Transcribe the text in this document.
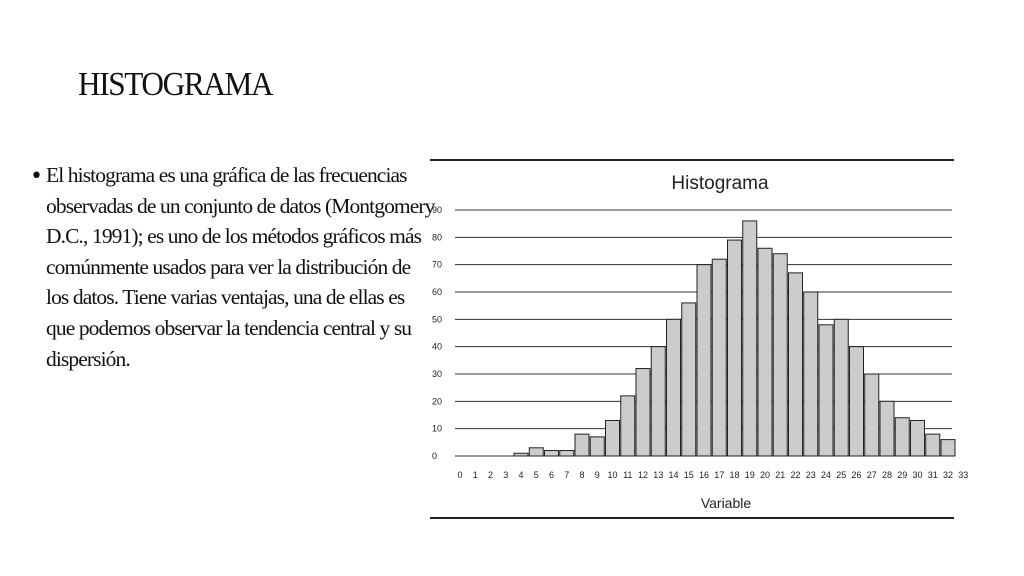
HISTOGRAMA
• El histograma es una gráfica de las frecuencias observadas de un conjunto de datos (Montgomery D.C., 1991); es uno de los métodos gráficos más comúnmente usados para ver la distribución de los datos. Tiene varias ventajas, una de ellas es que podemos observar la tendencia central y su dispersión.
Histograma
0
10
20
30
40
50
60
70
80
90
0 1 2 3 4 5 6 7 8 9 10 11 12 13 14 15 16 17 18 19 20 21 22 23 24 25 26 27 28 29 30 31 32 33
Variable
